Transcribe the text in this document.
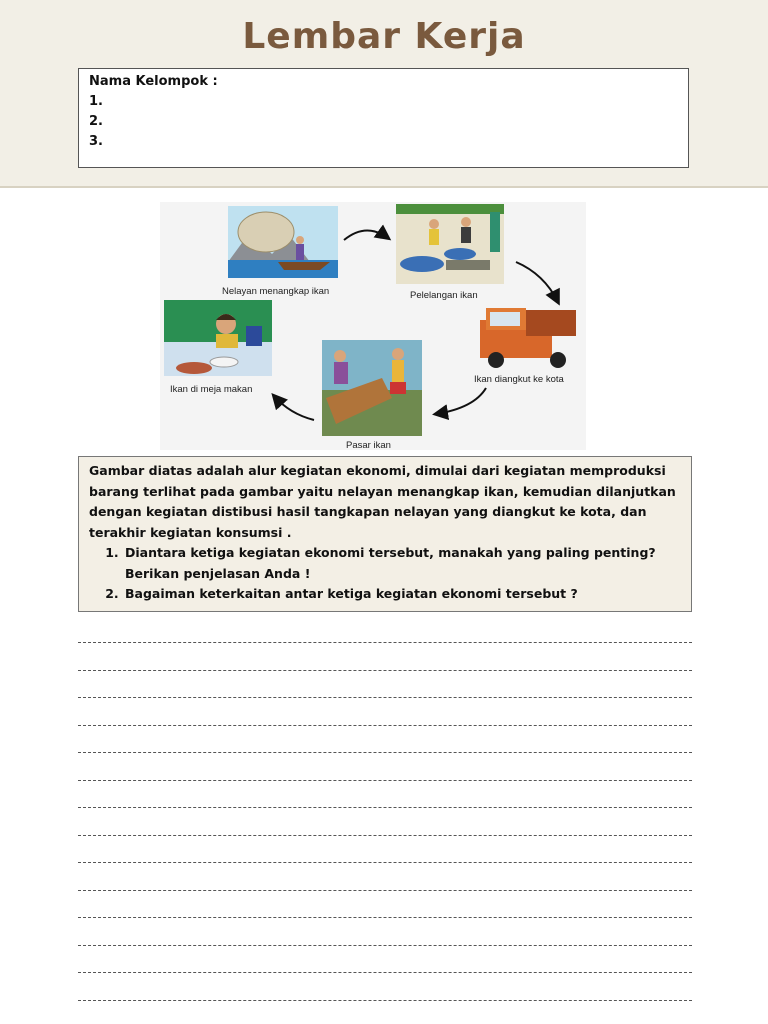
Lembar Kerja
Nama Kelompok :
1.
2.
3.
Nelayan menangkap ikan	Pelelangan ikan
Ikan diangkut ke kota
Pasar ikan
Ikan di meja makan

Gambar diatas adalah alur kegiatan ekonomi, dimulai dari kegiatan memproduksi barang terlihat pada gambar yaitu nelayan menangkap ikan, kemudian dilanjutkan dengan kegiatan distibusi hasil tangkapan nelayan yang diangkut ke kota, dan terakhir kegiatan konsumsi .

1. Diantara ketiga kegiatan ekonomi tersebut, manakah yang paling penting? Berikan penjelasan Anda !
2. Bagaiman keterkaitan antar ketiga kegiatan ekonomi tersebut ?
